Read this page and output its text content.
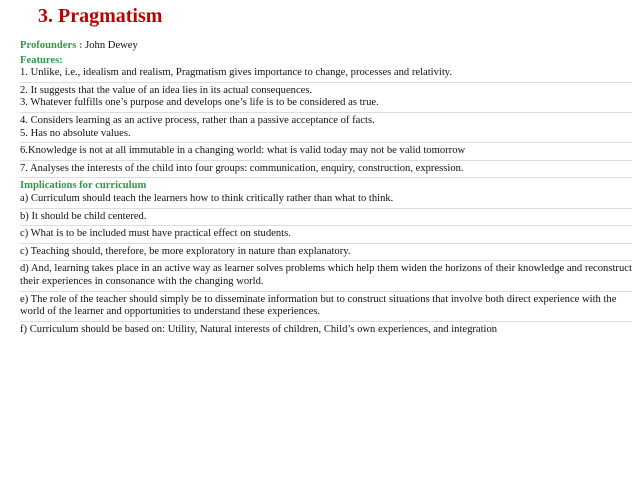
3. Pragmatism
Profounders : John Dewey
Features:
1. Unlike, i.e., idealism and realism, Pragmatism gives importance to change, processes and relativity.
2. It suggests that the value of an idea lies in its actual consequences.
3. Whatever fulfills one’s purpose and develops one’s life is to be considered as true.
4. Considers learning as an active process, rather than a passive acceptance of facts.
5. Has no absolute values.
6.Knowledge is not at all immutable in a changing world: what is valid today may not be valid tomorrow
7. Analyses the interests of the child into four groups: communication, enquiry, construction, expression.
Implications for curriculum
a) Curriculum should teach the learners how to think critically rather than what to think.
b) It should be child centered.
c) What is to be included must have practical effect on students.
c) Teaching should, therefore, be more exploratory in nature than explanatory.
d) And, learning takes place in an active way as learner solves problems which help them widen the horizons of their knowledge and reconstruct their experiences in consonance with the changing world.
e) The role of the teacher should simply be to disseminate information but to construct situations that involve both direct experience with the world of the learner and opportunities to understand these experiences.
f) Curriculum should be based on: Utility, Natural interests of children, Child’s own experiences, and integration
